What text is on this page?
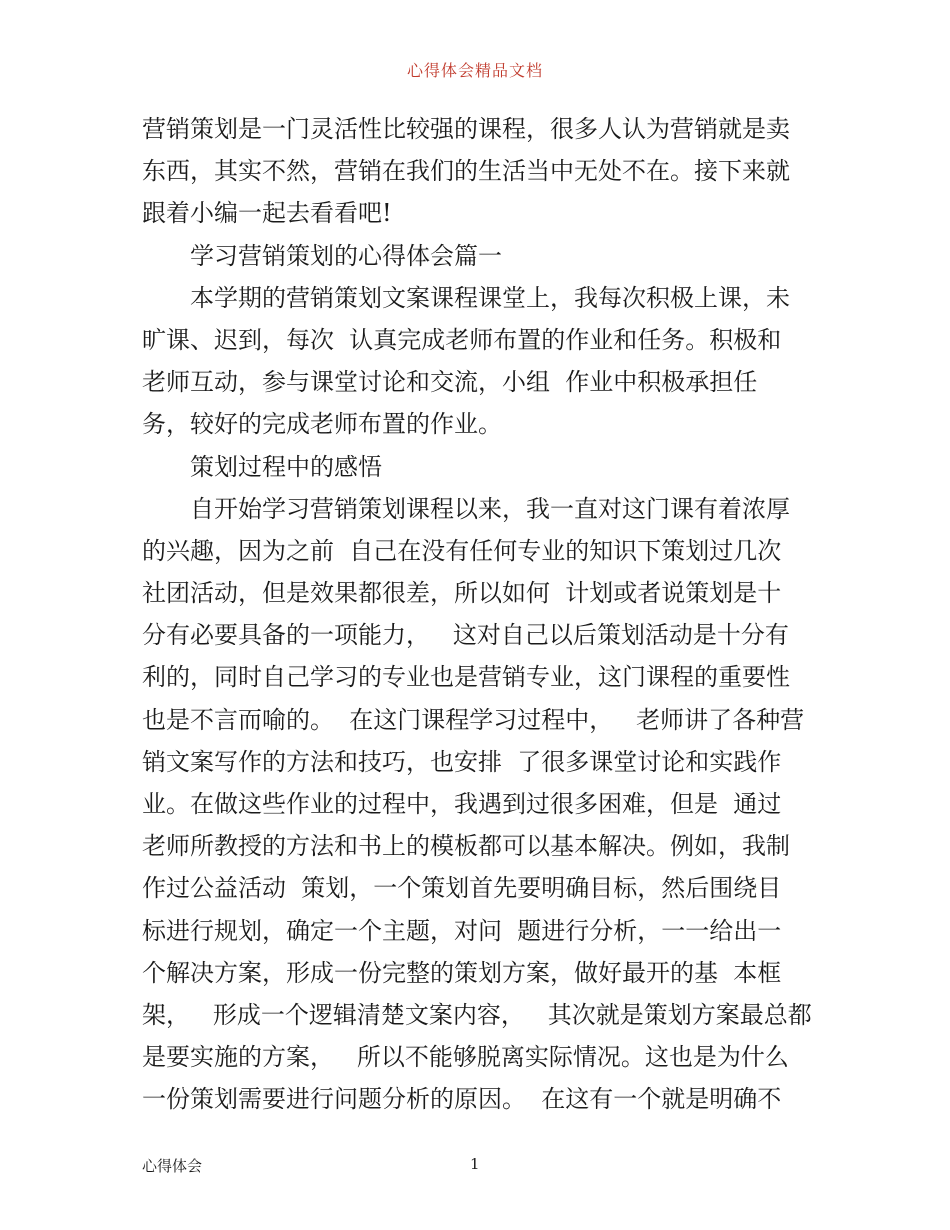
心得体会精品文档
营销策划是一门灵活性比较强的课程，很多人认为营销就是卖
东西，其实不然，营销在我们的生活当中无处不在。接下来就
跟着小编一起去看看吧!
学习营销策划的心得体会篇一
本学期的营销策划文案课程课堂上，我每次积极上课，未
旷课、迟到，每次  认真完成老师布置的作业和任务。积极和
老师互动，参与课堂讨论和交流，小组  作业中积极承担任
务，较好的完成老师布置的作业。
策划过程中的感悟
自开始学习营销策划课程以来，我一直对这门课有着浓厚
的兴趣，因为之前  自己在没有任何专业的知识下策划过几次
社团活动，但是效果都很差，所以如何  计划或者说策划是十
分有必要具备的一项能力，   这对自己以后策划活动是十分有
利的，同时自己学习的专业也是营销专业，这门课程的重要性
也是不言而喻的。  在这门课程学习过程中，   老师讲了各种营
销文案写作的方法和技巧，也安排  了很多课堂讨论和实践作
业。在做这些作业的过程中，我遇到过很多困难，但是  通过
老师所教授的方法和书上的模板都可以基本解决。例如，我制
作过公益活动  策划，一个策划首先要明确目标，然后围绕目
标进行规划，确定一个主题，对问  题进行分析，一一给出一
个解决方案，形成一份完整的策划方案，做好最开的基  本框
架，   形成一个逻辑清楚文案内容，   其次就是策划方案最总都
是要实施的方案，   所以不能够脱离实际情况。这也是为什么
一份策划需要进行问题分析的原因。  在这有一个就是明确不
心得体会	1
